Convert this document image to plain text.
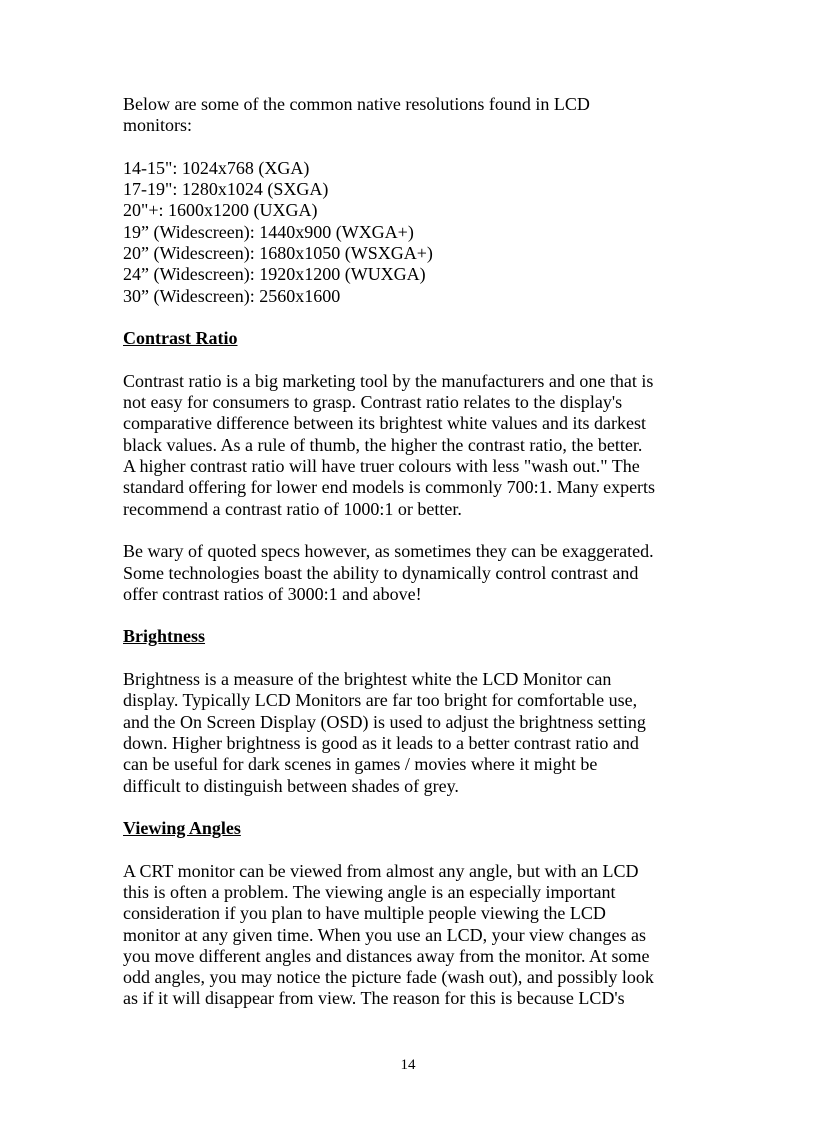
Below are some of the common native resolutions found in LCD
monitors:

14-15": 1024x768 (XGA)

17-19": 1280x1024 (SXGA)

20"+: 1600x1200 (UXGA)

19” (Widescreen): 1440x900 (WXGA+)

20” (Widescreen): 1680x1050 (WSXGA+)

24” (Widescreen): 1920x1200 (WUXGA)

30” (Widescreen): 2560x1600

Contrast Ratio

Contrast ratio is a big marketing tool by the manufacturers and one that is
not easy for consumers to grasp. Contrast ratio relates to the display's
comparative difference between its brightest white values and its darkest
black values. As a rule of thumb, the higher the contrast ratio, the better.
A higher contrast ratio will have truer colours with less "wash out." The
standard offering for lower end models is commonly 700:1. Many experts
recommend a contrast ratio of 1000:1 or better.

Be wary of quoted specs however, as sometimes they can be exaggerated.
Some technologies boast the ability to dynamically control contrast and
offer contrast ratios of 3000:1 and above!

Brightness

Brightness is a measure of the brightest white the LCD Monitor can
display. Typically LCD Monitors are far too bright for comfortable use,
and the On Screen Display (OSD) is used to adjust the brightness setting
down. Higher brightness is good as it leads to a better contrast ratio and
can be useful for dark scenes in games / movies where it might be
difficult to distinguish between shades of grey.

Viewing Angles

A CRT monitor can be viewed from almost any angle, but with an LCD
this is often a problem. The viewing angle is an especially important
consideration if you plan to have multiple people viewing the LCD
monitor at any given time. When you use an LCD, your view changes as
you move different angles and distances away from the monitor. At some
odd angles, you may notice the picture fade (wash out), and possibly look
as if it will disappear from view. The reason for this is because LCD's

14
